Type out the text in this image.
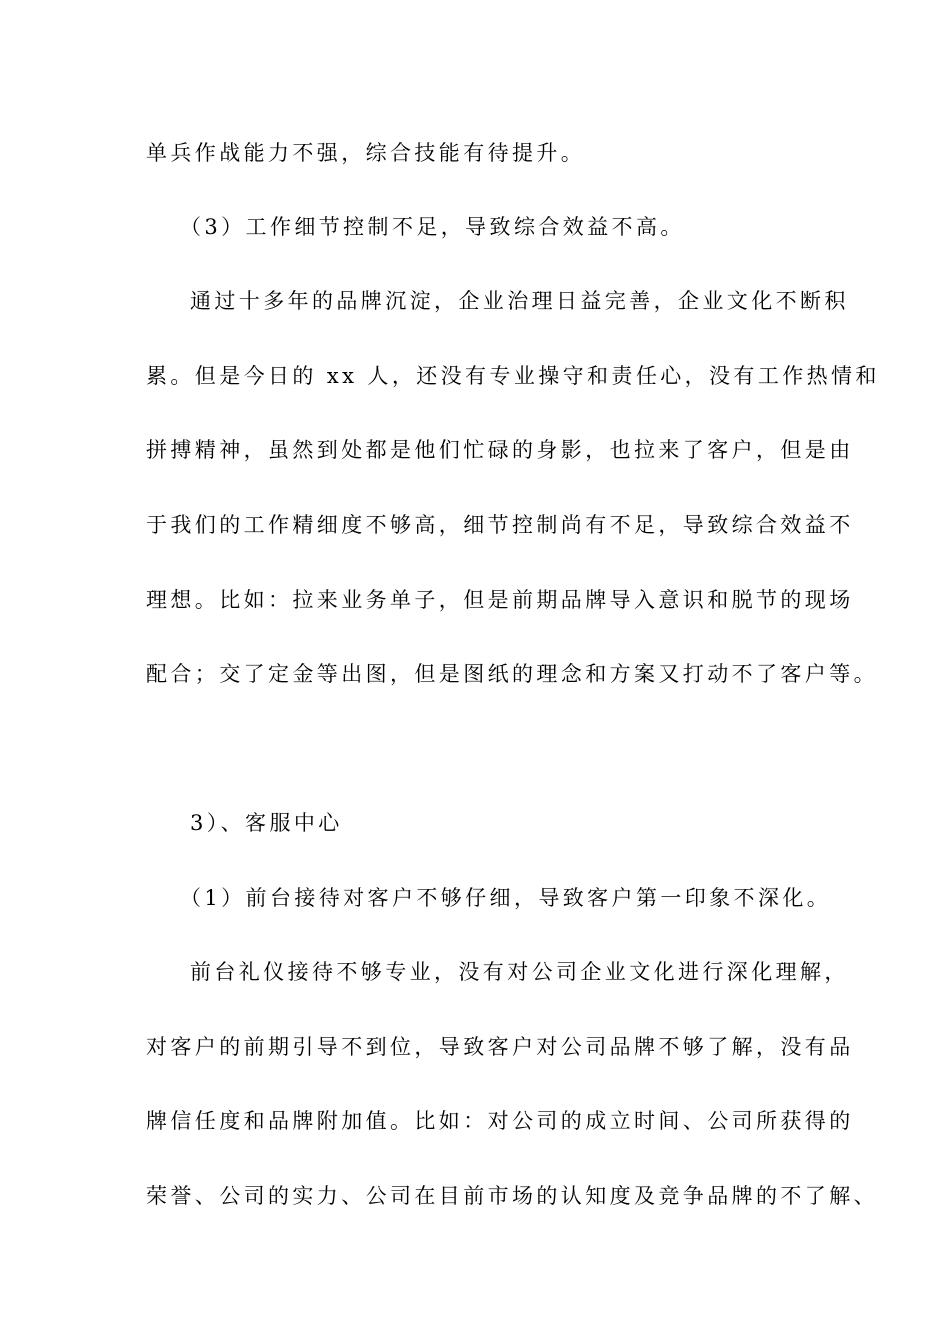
单兵作战能力不强，综合技能有待提升。

（3）工作细节控制不足，导致综合效益不高。

通过十多年的品牌沉淀，企业治理日益完善，企业文化不断积

累。但是今日的 xx 人，还没有专业操守和责任心，没有工作热情和

拼搏精神，虽然到处都是他们忙碌的身影，也拉来了客户，但是由

于我们的工作精细度不够高，细节控制尚有不足，导致综合效益不

理想。比如：拉来业务单子，但是前期品牌导入意识和脱节的现场

配合；交了定金等出图，但是图纸的理念和方案又打动不了客户等。

3）、客服中心

（1）前台接待对客户不够仔细，导致客户第一印象不深化。

前台礼仪接待不够专业，没有对公司企业文化进行深化理解，

对客户的前期引导不到位，导致客户对公司品牌不够了解，没有品

牌信任度和品牌附加值。比如：对公司的成立时间、公司所获得的

荣誉、公司的实力、公司在目前市场的认知度及竞争品牌的不了解、
